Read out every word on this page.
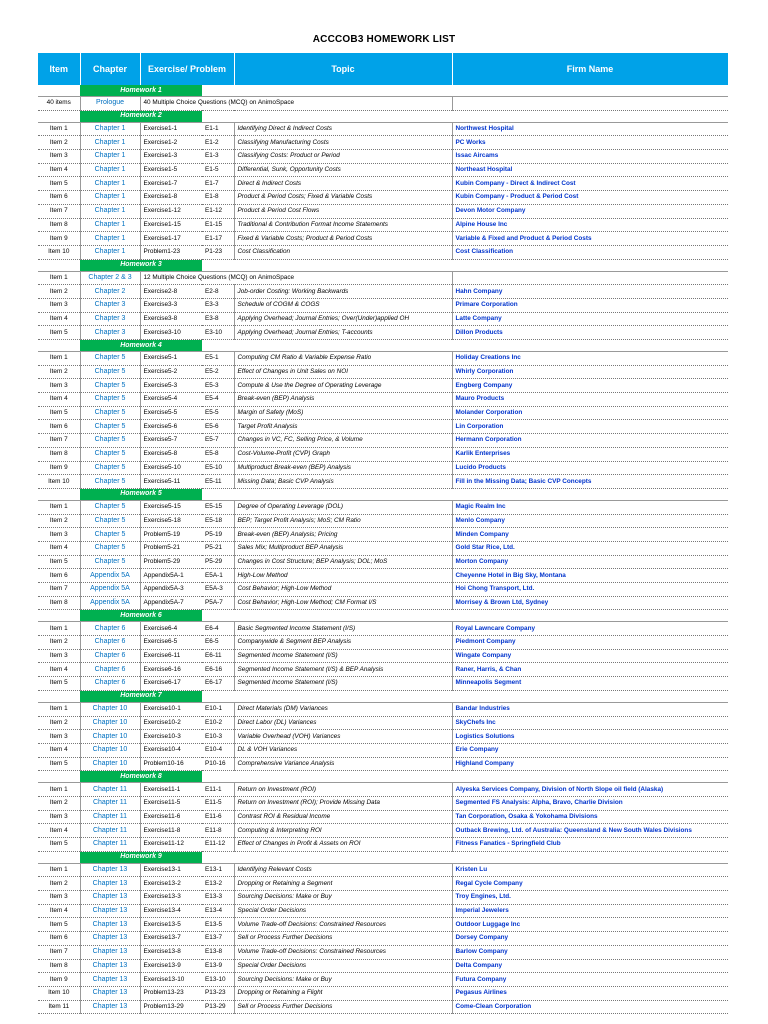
ACCCOB3 HOMEWORK LIST
Item	Chapter	Exercise/ Problem		Topic	Firm Name
	Homework 1				
40 items	Prologue	40 Multiple Choice Questions (MCQ) on AnimoSpace			
	Homework 2				
Item 1	Chapter 1	Exercise1-1	E1-1	Identifying Direct & Indirect Costs	Northwest Hospital
Item 2	Chapter 1	Exercise1-2	E1-2	Classifying Manufacturing Costs	PC Works
Item 3	Chapter 1	Exercise1-3	E1-3	Classifying Costs: Product or Period	Issac Aircams
Item 4	Chapter 1	Exercise1-5	E1-5	Differential, Sunk, Opportunity Costs	Northeast Hospital
Item 5	Chapter 1	Exercise1-7	E1-7	Direct & Indirect Costs	Kubin Company - Direct & Indirect Cost
Item 6	Chapter 1	Exercise1-8	E1-8	Product & Period Costs; Fixed & Variable Costs	Kubin Company - Product & Period Cost
Item 7	Chapter 1	Exercise1-12	E1-12	Product & Period Cost Flows	Devon Motor Company
Item 8	Chapter 1	Exercise1-15	E1-15	Traditional & Contribution Format Income Statements	Alpine House Inc
Item 9	Chapter 1	Exercise1-17	E1-17	Fixed & Variable Costs; Product & Period Costs	Variable & Fixed and Product & Period Costs
Item 10	Chapter 1	Problem1-23	P1-23	Cost Classification	Cost Classification
	Homework 3				
Item 1	Chapter 2 & 3	12 Multiple Choice Questions (MCQ) on AnimoSpace			
Item 2	Chapter 2	Exercise2-8	E2-8	Job-order Costing: Working Backwards	Hahn Company
Item 3	Chapter 3	Exercise3-3	E3-3	Schedule of COGM & COGS	Primare Corporation
Item 4	Chapter 3	Exercise3-8	E3-8	Applying Overhead; Journal Entries; Over(Under)applied OH	Latte Company
Item 5	Chapter 3	Exercise3-10	E3-10	Applying Overhead; Journal Entries; T-accounts	Dillon Products
	Homework 4				
Item 1	Chapter 5	Exercise5-1	E5-1	Computing CM Ratio & Variable Expense Ratio	Holiday Creations Inc
Item 2	Chapter 5	Exercise5-2	E5-2	Effect of Changes in Unit Sales on NOI	Whirly Corporation
Item 3	Chapter 5	Exercise5-3	E5-3	Compute & Use the Degree of Operating Leverage	Engberg Company
Item 4	Chapter 5	Exercise5-4	E5-4	Break-even (BEP) Analysis	Mauro Products
Item 5	Chapter 5	Exercise5-5	E5-5	Margin of Safety (MoS)	Molander Corporation
Item 6	Chapter 5	Exercise5-6	E5-6	Target Profit Analysis	Lin Corporation
Item 7	Chapter 5	Exercise5-7	E5-7	Changes in VC, FC, Selling Price, & Volume	Hermann Corporation
Item 8	Chapter 5	Exercise5-8	E5-8	Cost-Volume-Profit (CVP) Graph	Karlik Enterprises
Item 9	Chapter 5	Exercise5-10	E5-10	Multiproduct Break-even (BEP) Analysis	Lucido Products
Item 10	Chapter 5	Exercise5-11	E5-11	Missing Data; Basic CVP Analysis	Fill in the Missing Data; Basic CVP Concepts
	Homework 5				
Item 1	Chapter 5	Exercise5-15	E5-15	Degree of Operating Leverage (DOL)	Magic Realm Inc
Item 2	Chapter 5	Exercise5-18	E5-18	BEP; Target Profit Analysis; MoS; CM Ratio	Menlo Company
Item 3	Chapter 5	Problem5-19	P5-19	Break-even (BEP) Analysis; Pricing	Minden Company
Item 4	Chapter 5	Problem5-21	P5-21	Sales Mix; Multiproduct BEP Analysis	Gold Star Rice, Ltd.
Item 5	Chapter 5	Problem5-29	P5-29	Changes in Cost Structure; BEP Analysis; DOL; MoS	Morton Company
Item 6	Appendix 5A	Appendix5A-1	E5A-1	High-Low Method	Cheyenne Hotel in Big Sky, Montana
Item 7	Appendix 5A	Appendix5A-3	E5A-3	Cost Behavior; High-Low Method	Hoi Chong Transport, Ltd.
Item 8	Appendix 5A	Appendix5A-7	P5A-7	Cost Behavior; High-Low Method; CM Format I/S	Morrisey & Brown Ltd, Sydney
	Homework 6				
Item 1	Chapter 6	Exercise6-4	E6-4	Basic Segmented Income Statement (I/S)	Royal Lawncare Company
Item 2	Chapter 6	Exercise6-5	E6-5	Companywide & Segment BEP Analysis	Piedmont Company
Item 3	Chapter 6	Exercise6-11	E6-11	Segmented Income Statement (I/S)	Wingate Company
Item 4	Chapter 6	Exercise6-16	E6-16	Segmented Income Statement (I/S) & BEP Analysis	Raner, Harris, & Chan
Item 5	Chapter 6	Exercise6-17	E6-17	Segmented Income Statement (I/S)	Minneapolis Segment
	Homework 7				
Item 1	Chapter 10	Exercise10-1	E10-1	Direct Materials (DM) Variances	Bandar Industries
Item 2	Chapter 10	Exercise10-2	E10-2	Direct Labor (DL) Variances	SkyChefs Inc
Item 3	Chapter 10	Exercise10-3	E10-3	Variable Overhead (VOH) Variances	Logistics Solutions
Item 4	Chapter 10	Exercise10-4	E10-4	DL & VOH Variances	Erie Company
Item 5	Chapter 10	Problem10-16	P10-16	Comprehensive Variance Analysis	Highland Company
	Homework 8				
Item 1	Chapter 11	Exercise11-1	E11-1	Return on Investment (ROI)	Alyeska Services Company, Division of North Slope oil field (Alaska)
Item 2	Chapter 11	Exercise11-5	E11-5	Return on Investment (ROI); Provide Missing Data	Segmented FS Analysis: Alpha, Bravo, Charlie Division
Item 3	Chapter 11	Exercise11-6	E11-6	Contrast ROI & Residual Income	Tan Corporation, Osaka & Yokohama Divisions
Item 4	Chapter 11	Exercise11-8	E11-8	Computing & Interpreting ROI	Outback Brewing, Ltd. of Australia: Queensland & New South Wales Divisions
Item 5	Chapter 11	Exercise11-12	E11-12	Effect of Changes in Profit & Assets on ROI	Fitness Fanatics - Springfield Club
	Homework 9				
Item 1	Chapter 13	Exercise13-1	E13-1	Identifying Relevant Costs	Kristen Lu
Item 2	Chapter 13	Exercise13-2	E13-2	Dropping or Retaining a Segment	Regal Cycle Company
Item 3	Chapter 13	Exercise13-3	E13-3	Sourcing Decisions: Make or Buy	Troy Engines, Ltd.
Item 4	Chapter 13	Exercise13-4	E13-4	Special Order Decisions	Imperial Jewelers
Item 5	Chapter 13	Exercise13-5	E13-5	Volume Trade-off Decisions: Constrained Resources	Outdoor Luggage Inc
Item 6	Chapter 13	Exercise13-7	E13-7	Sell or Process Further Decisions	Dorsey Company
Item 7	Chapter 13	Exercise13-8	E13-8	Volume Trade-off Decisions: Constrained Resources	Barlow Company
Item 8	Chapter 13	Exercise13-9	E13-9	Special Order Decisions	Delta Company
Item 9	Chapter 13	Exercise13-10	E13-10	Sourcing Decisions: Make or Buy	Futura Company
Item 10	Chapter 13	Problem13-23	P13-23	Dropping or Retaining a Flight	Pegasus Airlines
Item 11	Chapter 13	Problem13-29	P13-29	Sell or Process Further Decisions	Come-Clean Corporation
